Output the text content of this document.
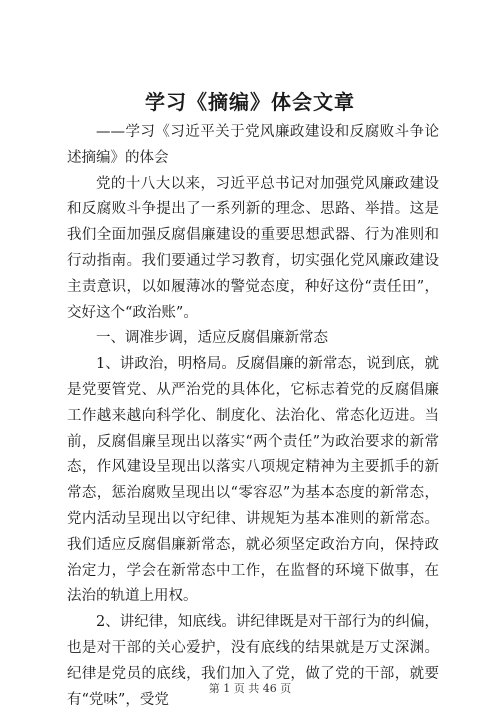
学习《摘编》体会文章

——学习《习近平关于党风廉政建设和反腐败斗争论述摘编》的体会

党的十八大以来，习近平总书记对加强党风廉政建设和反腐败斗争提出了一系列新的理念、思路、举措。这是我们全面加强反腐倡廉建设的重要思想武器、行为准则和行动指南。我们要通过学习教育，切实强化党风廉政建设主责意识，以如履薄冰的警觉态度，种好这份“责任田”，交好这个“政治账”。

一、调准步调，适应反腐倡廉新常态

1、讲政治，明格局。反腐倡廉的新常态，说到底，就是党要管党、从严治党的具体化，它标志着党的反腐倡廉工作越来越向科学化、制度化、法治化、常态化迈进。当前，反腐倡廉呈现出以落实“两个责任”为政治要求的新常态，作风建设呈现出以落实八项规定精神为主要抓手的新常态，惩治腐败呈现出以“零容忍”为基本态度的新常态，党内活动呈现出以守纪律、讲规矩为基本准则的新常态。我们适应反腐倡廉新常态，就必须坚定政治方向，保持政治定力，学会在新常态中工作，在监督的环境下做事，在法治的轨道上用权。

2、讲纪律，知底线。讲纪律既是对干部行为的纠偏，也是对干部的关心爱护，没有底线的结果就是万丈深渊。纪律是党员的底线，我们加入了党，做了党的干部，就要有“党味”，受党

第 1 页 共 46 页
